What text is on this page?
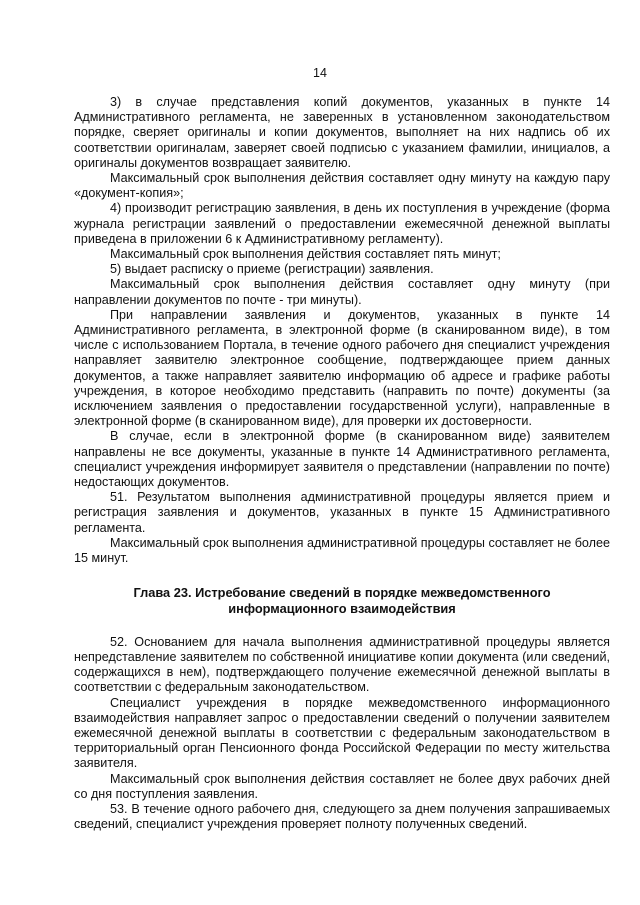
14

3) в случае представления копий документов, указанных в пункте 14 Административного регламента, не заверенных в установленном законодательством порядке, сверяет оригиналы и копии документов, выполняет на них надпись об их соответствии оригиналам, заверяет своей подписью с указанием фамилии, инициалов, а оригиналы документов возвращает заявителю.

Максимальный срок выполнения действия составляет одну минуту на каждую пару «документ-копия»;

4) производит регистрацию заявления, в день их поступления в учреждение (форма журнала регистрации заявлений о предоставлении ежемесячной денежной выплаты приведена в приложении 6 к Административному регламенту).

Максимальный срок выполнения действия составляет пять минут;

5) выдает расписку о приеме (регистрации) заявления.

Максимальный срок выполнения действия составляет одну минуту (при направлении документов по почте - три минуты).

При направлении заявления и документов, указанных в пункте 14 Административного регламента, в электронной форме (в сканированном виде), в том числе с использованием Портала, в течение одного рабочего дня специалист учреждения направляет заявителю электронное сообщение, подтверждающее прием данных документов, а также направляет заявителю информацию об адресе и графике работы учреждения, в которое необходимо представить (направить по почте) документы (за исключением заявления о предоставлении государственной услуги), направленные в электронной форме (в сканированном виде), для проверки их достоверности.

В случае, если в электронной форме (в сканированном виде) заявителем направлены не все документы, указанные в пункте 14 Административного регламента, специалист учреждения информирует заявителя о представлении (направлении по почте) недостающих документов.

51. Результатом выполнения административной процедуры является прием и регистрация заявления и документов, указанных в пункте 15 Административного регламента.

Максимальный срок выполнения административной процедуры составляет не более 15 минут.

Глава 23. Истребование сведений в порядке межведомственного информационного взаимодействия

52. Основанием для начала выполнения административной процедуры является непредставление заявителем по собственной инициативе копии документа (или сведений, содержащихся в нем), подтверждающего получение ежемесячной денежной выплаты в соответствии с федеральным законодательством.

Специалист учреждения в порядке межведомственного информационного взаимодействия направляет запрос о предоставлении сведений о получении заявителем ежемесячной денежной выплаты в соответствии с федеральным законодательством в территориальный орган Пенсионного фонда Российской Федерации по месту жительства заявителя.

Максимальный срок выполнения действия составляет не более двух рабочих дней со дня поступления заявления.

53. В течение одного рабочего дня, следующего за днем получения запрашиваемых сведений, специалист учреждения проверяет полноту полученных сведений.
